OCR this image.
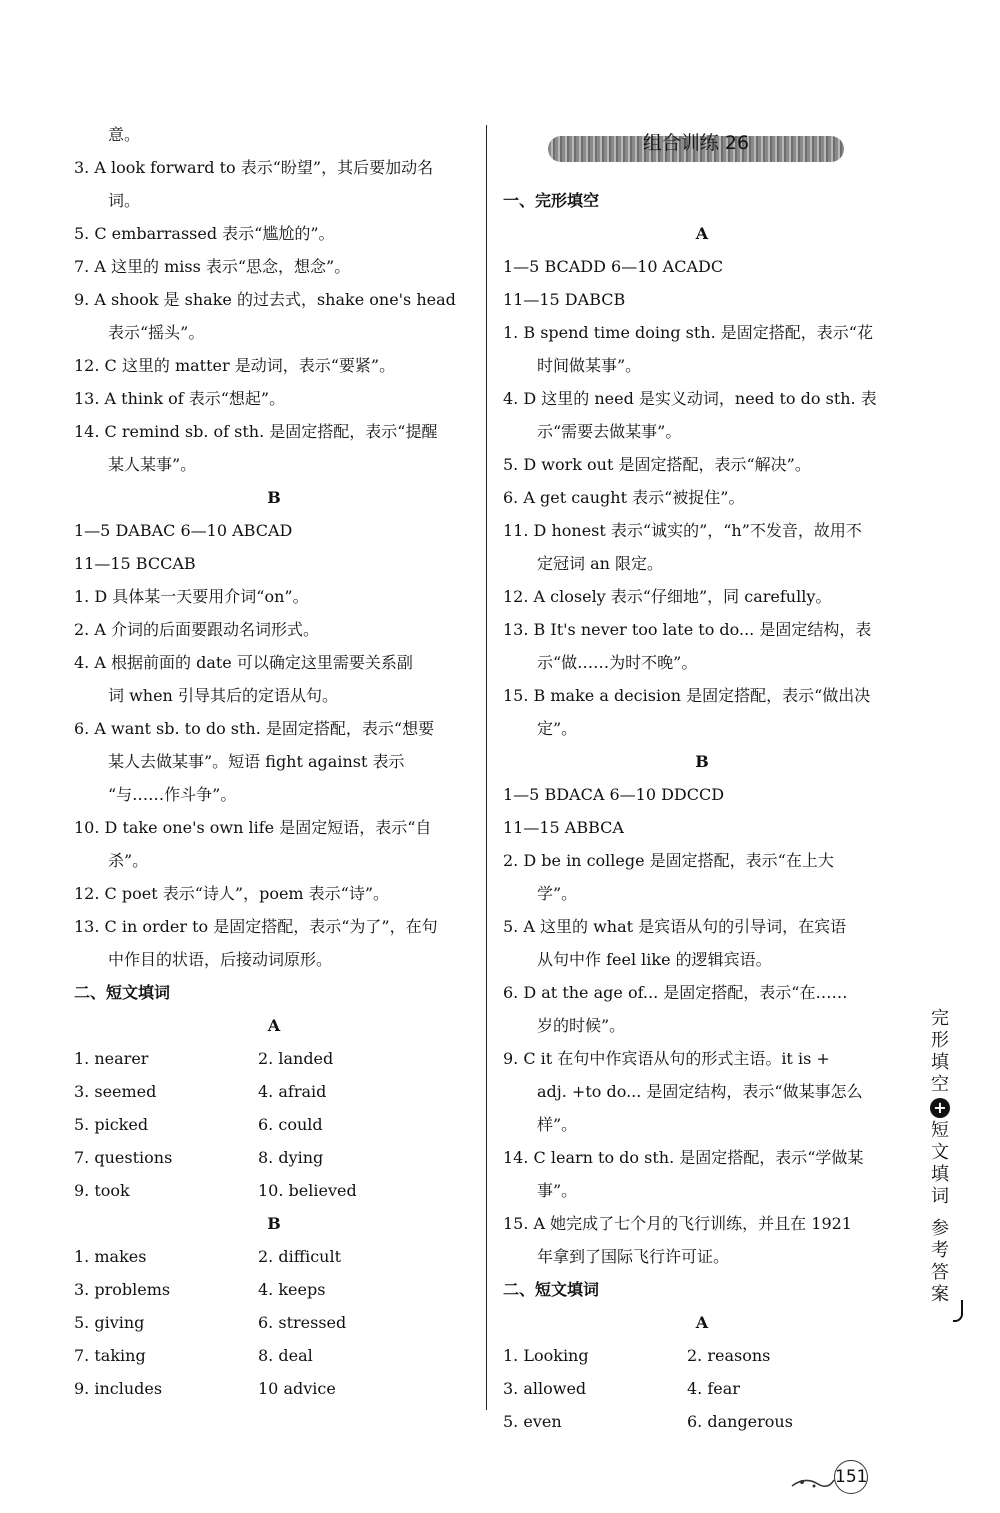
意。
3. A look forward to 表示“盼望”，其后要加动名
词。
5. C embarrassed 表示“尴尬的”。
7. A 这里的 miss 表示“思念，想念”。
9. A shook 是 shake 的过去式，shake one's head
表示“摇头”。
12. C 这里的 matter 是动词，表示“要紧”。
13. A think of 表示“想起”。
14. C remind sb. of sth. 是固定搭配，表示“提醒
某人某事”。
B
1—5 DABAC 6—10 ABCAD
11—15 BCCAB
1. D 具体某一天要用介词“on”。
2. A 介词的后面要跟动名词形式。
4. A 根据前面的 date 可以确定这里需要关系副
词 when 引导其后的定语从句。
6. A want sb. to do sth. 是固定搭配，表示“想要
某人去做某事”。短语 fight against 表示
“与……作斗争”。
10. D take one's own life 是固定短语，表示“自
杀”。
12. C poet 表示“诗人”，poem 表示“诗”。
13. C in order to 是固定搭配，表示“为了”，在句
中作目的状语，后接动词原形。
二、短文填词
A
1. nearer	2. landed
3. seemed	4. afraid
5. picked	6. could
7. questions	8. dying
9. took	10. believed
B
1. makes	2. difficult
3. problems	4. keeps
5. giving	6. stressed
7. taking	8. deal
9. includes	10 advice
组合训练 26
一、完形填空
A
1—5 BCADD 6—10 ACADC
11—15 DABCB
1. B spend time doing sth. 是固定搭配，表示“花
时间做某事”。
4. D 这里的 need 是实义动词，need to do sth. 表
示“需要去做某事”。
5. D work out 是固定搭配，表示“解决”。
6. A get caught 表示“被捉住”。
11. D honest 表示“诚实的”，“h”不发音，故用不
定冠词 an 限定。
12. A closely 表示“仔细地”，同 carefully。
13. B It's never too late to do... 是固定结构，表
示“做……为时不晚”。
15. B make a decision 是固定搭配，表示“做出决
定”。
B
1—5 BDACA 6—10 DDCCD
11—15 ABBCA
2. D be in college 是固定搭配，表示“在上大
学”。
5. A 这里的 what 是宾语从句的引导词，在宾语
从句中作 feel like 的逻辑宾语。
6. D at the age of... 是固定搭配，表示“在……
岁的时候”。
9. C it 在句中作宾语从句的形式主语。it is +
adj. +to do... 是固定结构，表示“做某事怎么
样”。
14. C learn to do sth. 是固定搭配，表示“学做某
事”。
15. A 她完成了七个月的飞行训练，并且在 1921
年拿到了国际飞行许可证。
二、短文填词
A
1. Looking	2. reasons
3. allowed	4. fear
5. even	6. dangerous
完形填空
+
短文填词
参考答案
151
